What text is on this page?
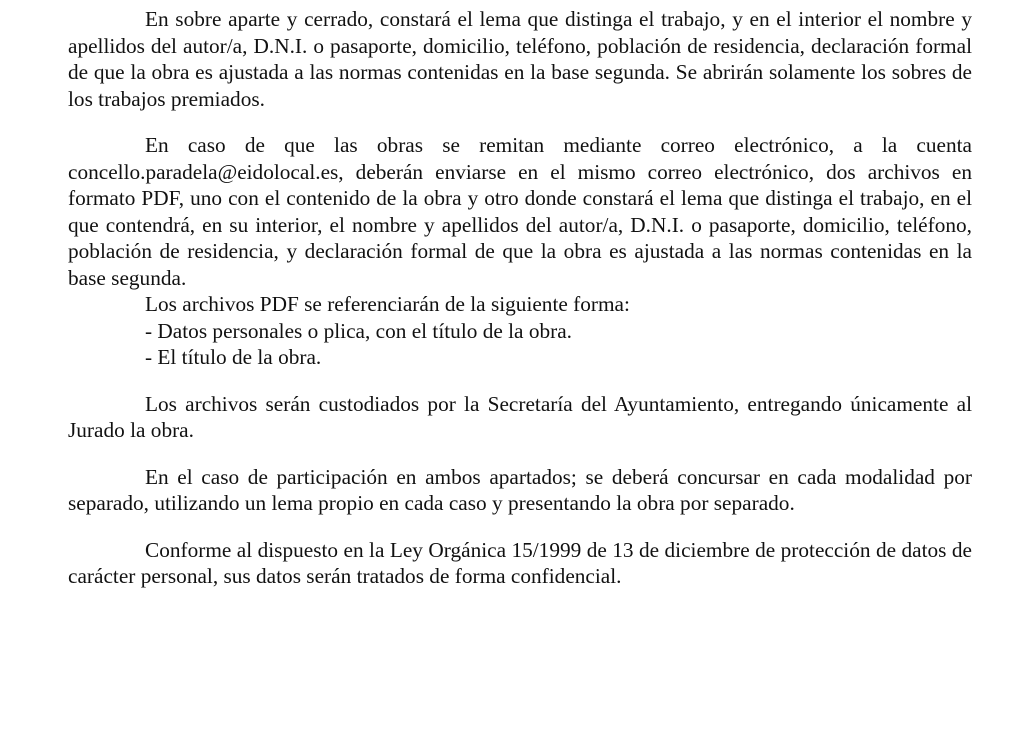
En sobre aparte y cerrado, constará el lema que distinga el trabajo, y en el interior el nombre y apellidos del autor/a, D.N.I. o pasaporte, domicilio, teléfono, población de residencia, declaración formal de que la obra es ajustada a las normas contenidas en la base segunda. Se abrirán solamente los sobres de los trabajos premiados.

En caso de que las obras se remitan mediante correo electrónico, a la cuenta concello.paradela@eidolocal.es, deberán enviarse en el mismo correo electrónico, dos archivos en formato PDF, uno con el contenido de la obra y otro donde constará el lema que distinga el trabajo, en el que contendrá, en su interior, el nombre y apellidos del autor/a, D.N.I. o pasaporte, domicilio, teléfono, población de residencia, y declaración formal de que la obra es ajustada a las normas contenidas en la base segunda.

Los archivos PDF se referenciarán de la siguiente forma:

- Datos personales o plica, con el título de la obra.

- El título de la obra.

Los archivos serán custodiados por la Secretaría del Ayuntamiento, entregando únicamente al Jurado la obra.

En el caso de participación en ambos apartados; se deberá concursar en cada modalidad por separado, utilizando un lema propio en cada caso y presentando la obra por separado.

Conforme al dispuesto en la Ley Orgánica 15/1999 de 13 de diciembre de protección de datos de carácter personal, sus datos serán tratados de forma confidencial.
